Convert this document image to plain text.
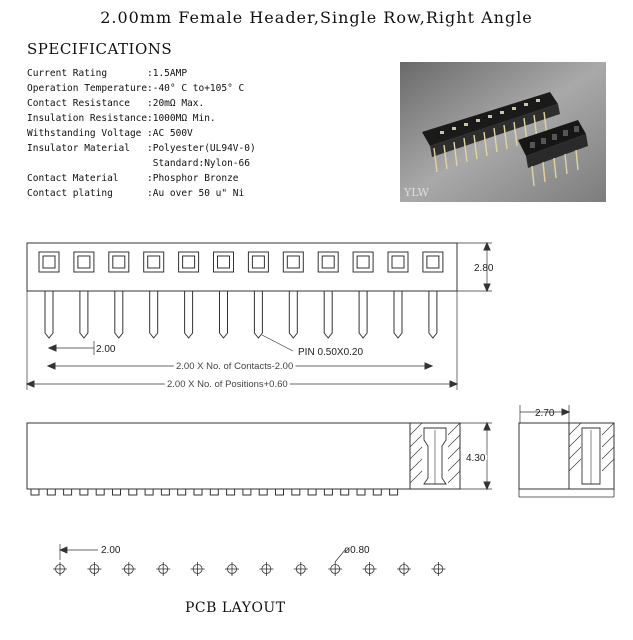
2.00mm Female Header,Single Row,Right Angle
SPECIFICATIONS
Current Rating	:1.5AMP
Operation Temperature :-40° C to+105° C
Contact Resistance	:20mΩ Max.
Insulation Resistance :1000MΩ Min.
Withstanding Voltage :AC 500V
Insulator Material	:Polyester(UL94V-0)
Standard:Nylon-66
Contact Material	:Phosphor Bronze
Contact plating	:Au over 50 u" Ni	YLW
2.80
2.00	PIN 0.50X0.20
2.00 X No. of Contacts-2.00
2.00 X No. of Positions+0.60
4.30
2.70
2.00	ø0.80
PCB LAYOUT
